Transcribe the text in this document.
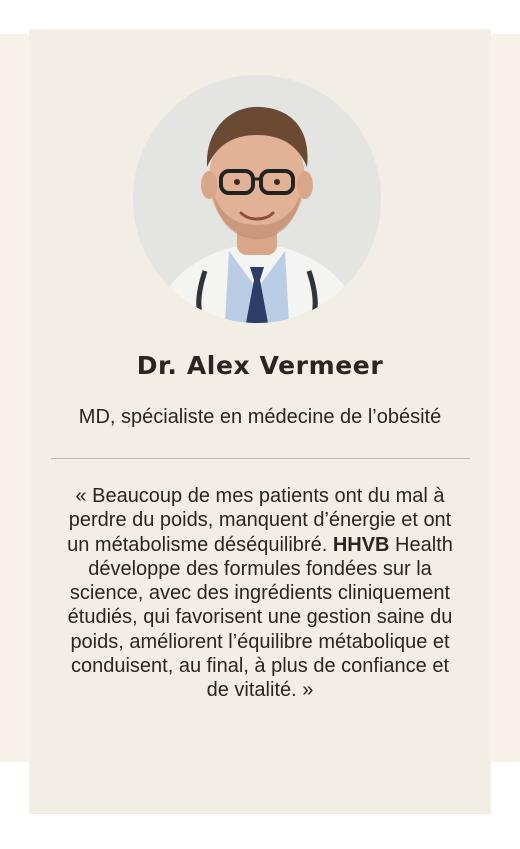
Dr. Alex Vermeer
MD, spécialiste en médecine de l’obésité
« Beaucoup de mes patients ont du mal à perdre du poids, manquent d’énergie et ont un métabolisme déséquilibré. HHVB Health développe des formules fondées sur la science, avec des ingrédients cliniquement étudiés, qui favorisent une gestion saine du poids, améliorent l’équilibre métabolique et conduisent, au final, à plus de confiance et de vitalité. »
